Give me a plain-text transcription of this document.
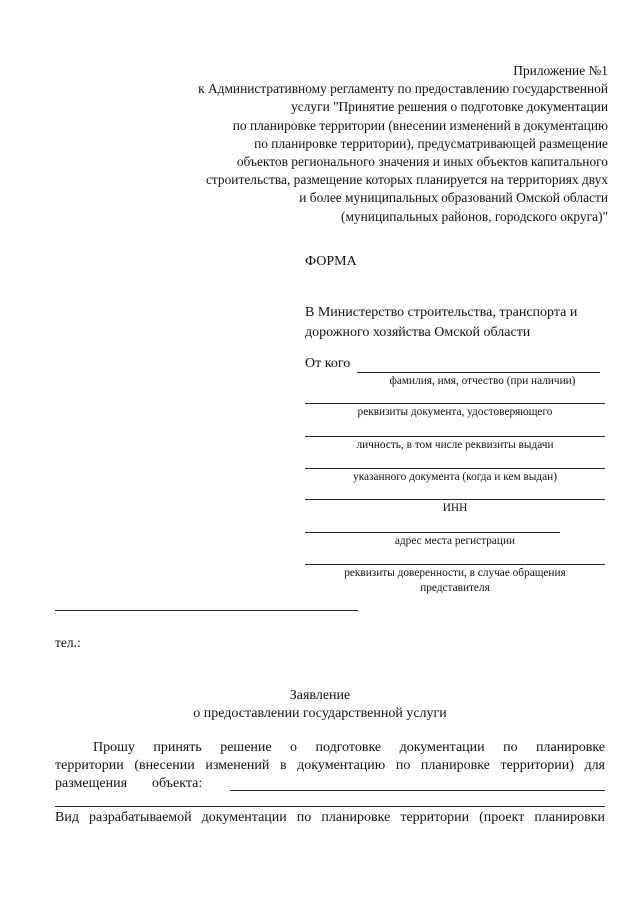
Приложение №1
к Административному регламенту по предоставлению государственной
услуги "Принятие решения о подготовке документации
по планировке территории (внесении изменений в документацию
по планировке территории), предусматривающей размещение
объектов регионального значения и иных объектов капитального
строительства, размещение которых планируется на территориях двух
и более муниципальных образований Омской области
(муниципальных районов, городского округа)"
ФОРМА
В Министерство строительства, транспорта и
дорожного хозяйства Омской области
От кого
фамилия, имя, отчество (при наличии)
реквизиты документа, удостоверяющего
личность, в том числе реквизиты выдачи
указанного документа (когда и кем выдан)
ИНН
адрес места регистрации
реквизиты доверенности, в случае обращения
представителя
тел.:
Заявление
о предоставлении государственной услуги
Прошу принять решение о подготовке документации по планировке
территории (внесении изменений в документацию по планировке территории) для
размещения объекта:
Вид разрабатываемой документации по планировке территории (проект планировки
